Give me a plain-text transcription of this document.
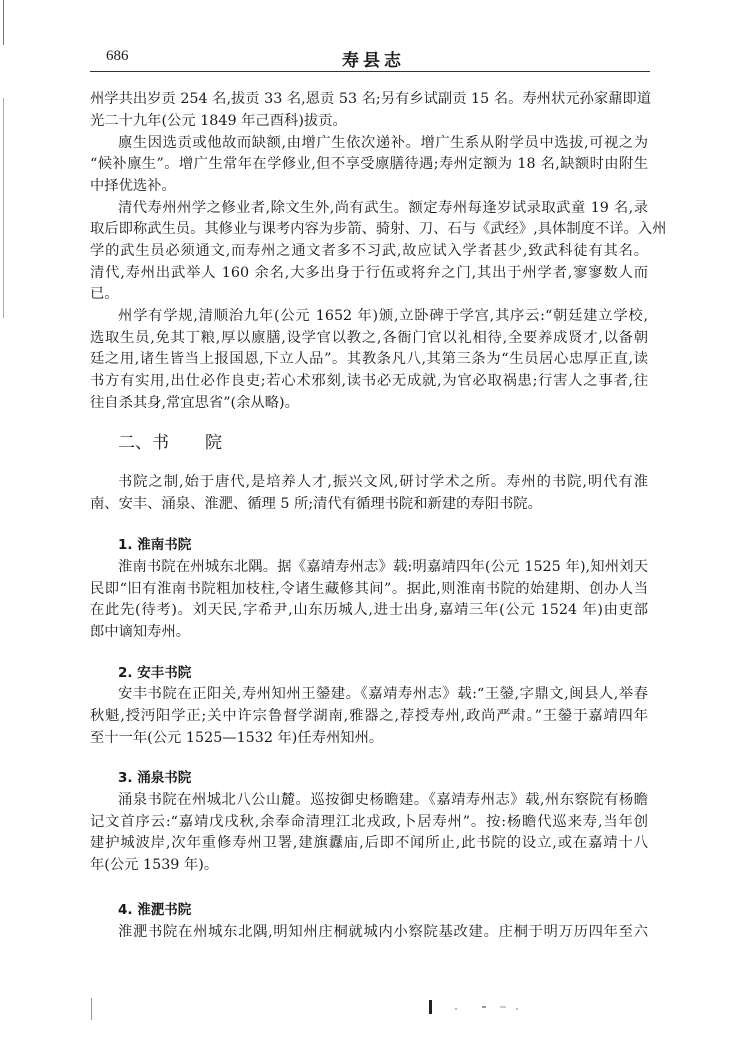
686	寿县志
州学共出岁贡 254 名,拔贡 33 名,恩贡 53 名;另有乡试副贡 15 名。寿州状元孙家鼐即道
光二十九年(公元 1849 年己酉科)拔贡。
廪生因选贡或他故而缺额,由增广生依次递补。增广生系从附学员中选拔,可视之为
“候补廪生”。增广生常年在学修业,但不享受廪膳待遇;寿州定额为 18 名,缺额时由附生
中择优选补。
清代寿州州学之修业者,除文生外,尚有武生。额定寿州每逢岁试录取武童 19 名,录
取后即称武生员。其修业与课考内容为步箭、骑射、刀、石与《武经》,具体制度不详。入州
学的武生员必须通文,而寿州之通文者多不习武,故应试入学者甚少,致武科徒有其名。
清代,寿州出武举人 160 余名,大多出身于行伍或将弁之门,其出于州学者,寥寥数人而
已。
州学有学规,清顺治九年(公元 1652 年)颁,立卧碑于学宫,其序云:“朝廷建立学校,
选取生员,免其丁粮,厚以廪膳,设学官以教之,各衙门官以礼相待,全要养成贤才,以备朝
廷之用,诸生皆当上报国恩,下立人品”。其教条凡八,其第三条为“生员居心忠厚正直,读
书方有实用,出仕必作良吏;若心术邪刻,读书必无成就,为官必取祸患;行害人之事者,往
往自杀其身,常宜思省”(余从略)。
二、书 院
书院之制,始于唐代,是培养人才,振兴文风,研讨学术之所。寿州的书院,明代有淮
南、安丰、涌泉、淮淝、循理 5 所;清代有循理书院和新建的寿阳书院。
1. 淮南书院
淮南书院在州城东北隅。据《嘉靖寿州志》载:明嘉靖四年(公元 1525 年),知州刘天
民即“旧有淮南书院粗加枝柱,令诸生藏修其间”。据此,则淮南书院的始建期、创办人当
在此先(待考)。刘天民,字希尹,山东历城人,进士出身,嘉靖三年(公元 1524 年)由吏部
郎中谪知寿州。
2. 安丰书院
安丰书院在正阳关,寿州知州王鎣建。《嘉靖寿州志》载:“王鎣,字鼎文,闽县人,举春
秋魁,授沔阳学正;关中许宗鲁督学湖南,雅器之,荐授寿州,政尚严肃。”王鎣于嘉靖四年
至十一年(公元 1525—1532 年)任寿州知州。
3. 涌泉书院
涌泉书院在州城北八公山麓。巡按御史杨瞻建。《嘉靖寿州志》载,州东察院有杨瞻
记文首序云:“嘉靖戊戌秋,余奉命清理江北戎政,卜居寿州”。按:杨瞻代巡来寿,当年创
建护城波岸,次年重修寿州卫署,建旗纛庙,后即不闻所止,此书院的设立,或在嘉靖十八
年(公元 1539 年)。
4. 淮淝书院
淮淝书院在州城东北隅,明知州庄桐就城内小察院基改建。庄桐于明万历四年至六
